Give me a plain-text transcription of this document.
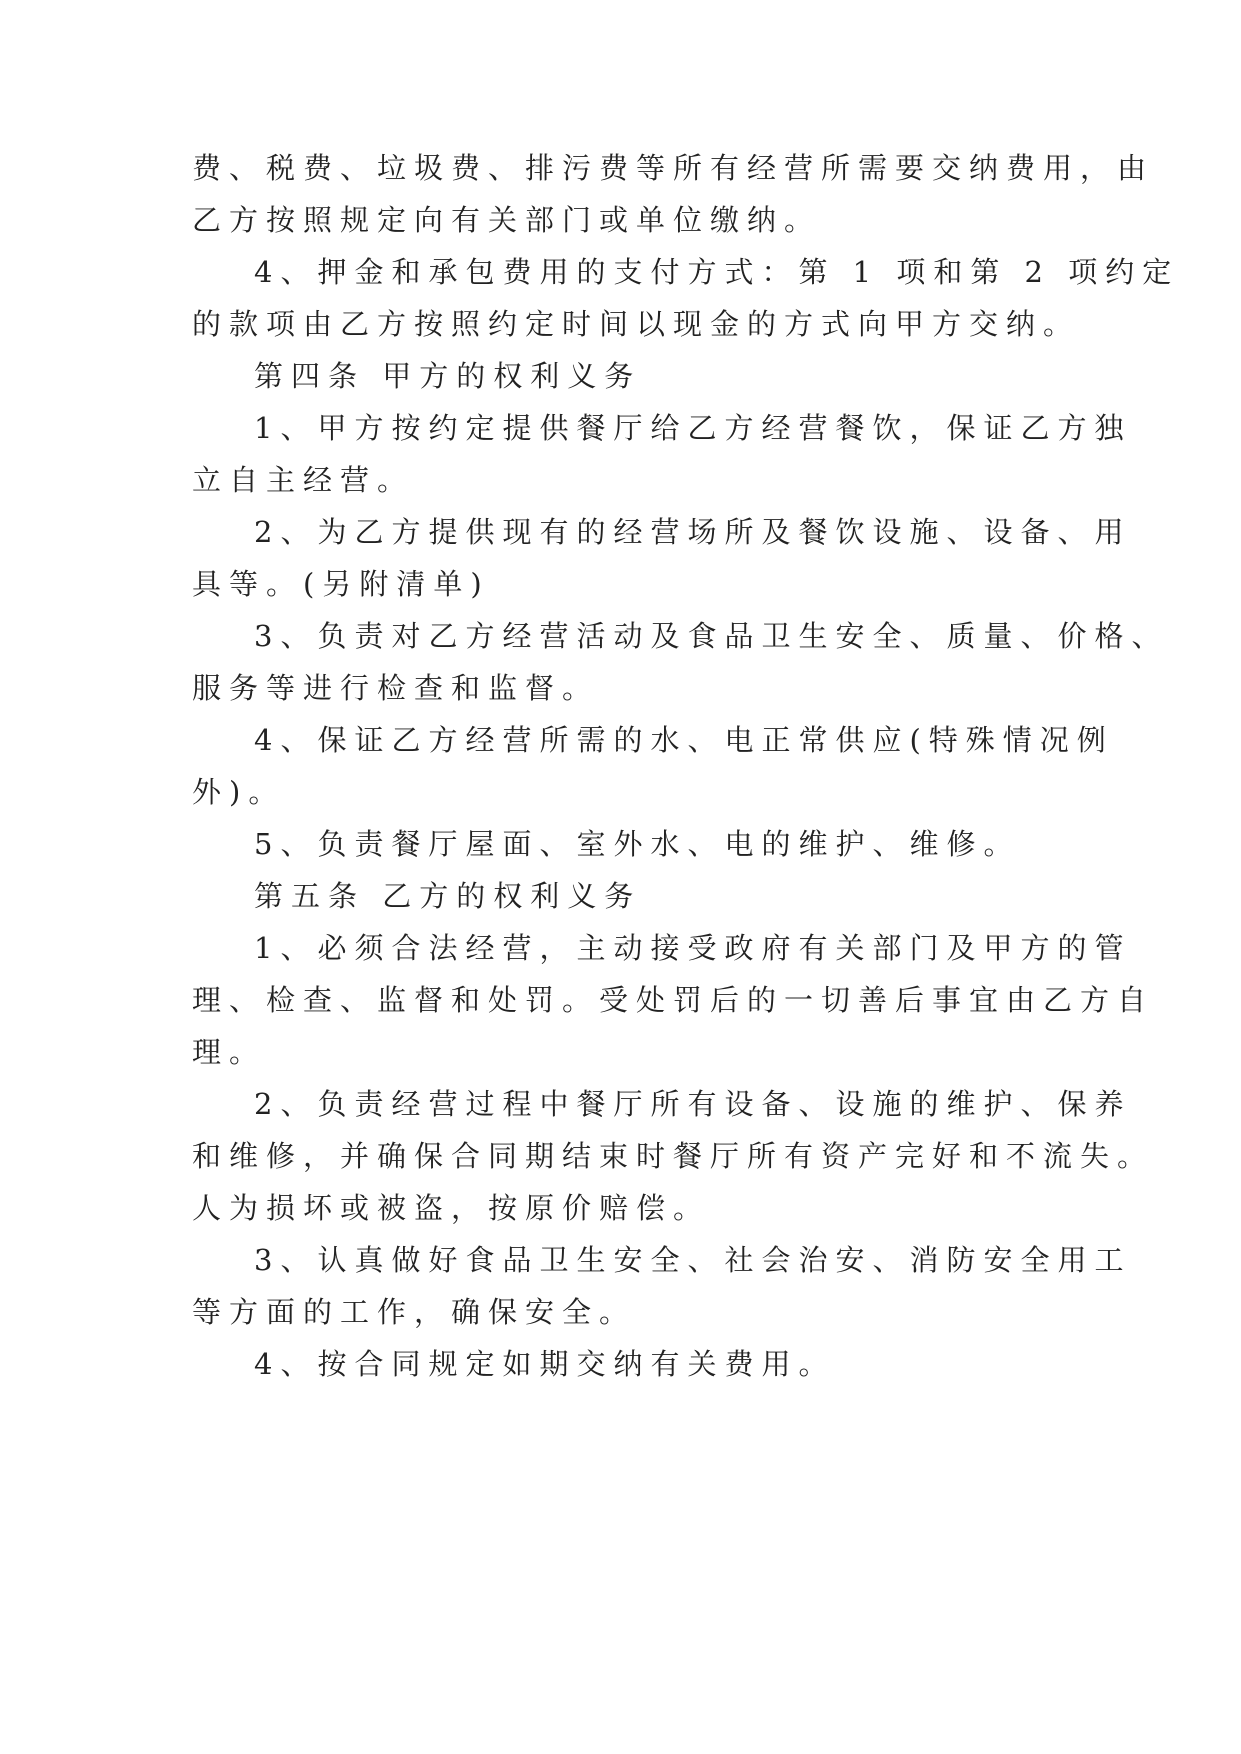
费、税费、垃圾费、排污费等所有经营所需要交纳费用，由
乙方按照规定向有关部门或单位缴纳。
4、押金和承包费用的支付方式：第 1 项和第 2 项约定
的款项由乙方按照约定时间以现金的方式向甲方交纳。
第四条 甲方的权利义务
1、甲方按约定提供餐厅给乙方经营餐饮，保证乙方独
立自主经营。
2、为乙方提供现有的经营场所及餐饮设施、设备、用
具等。(另附清单)
3、负责对乙方经营活动及食品卫生安全、质量、价格、
服务等进行检查和监督。
4、保证乙方经营所需的水、电正常供应(特殊情况例
外)。
5、负责餐厅屋面、室外水、电的维护、维修。
第五条 乙方的权利义务
1、必须合法经营，主动接受政府有关部门及甲方的管
理、检查、监督和处罚。受处罚后的一切善后事宜由乙方自
理。
2、负责经营过程中餐厅所有设备、设施的维护、保养
和维修，并确保合同期结束时餐厅所有资产完好和不流失。
人为损坏或被盗，按原价赔偿。
3、认真做好食品卫生安全、社会治安、消防安全用工
等方面的工作，确保安全。
4、按合同规定如期交纳有关费用。
